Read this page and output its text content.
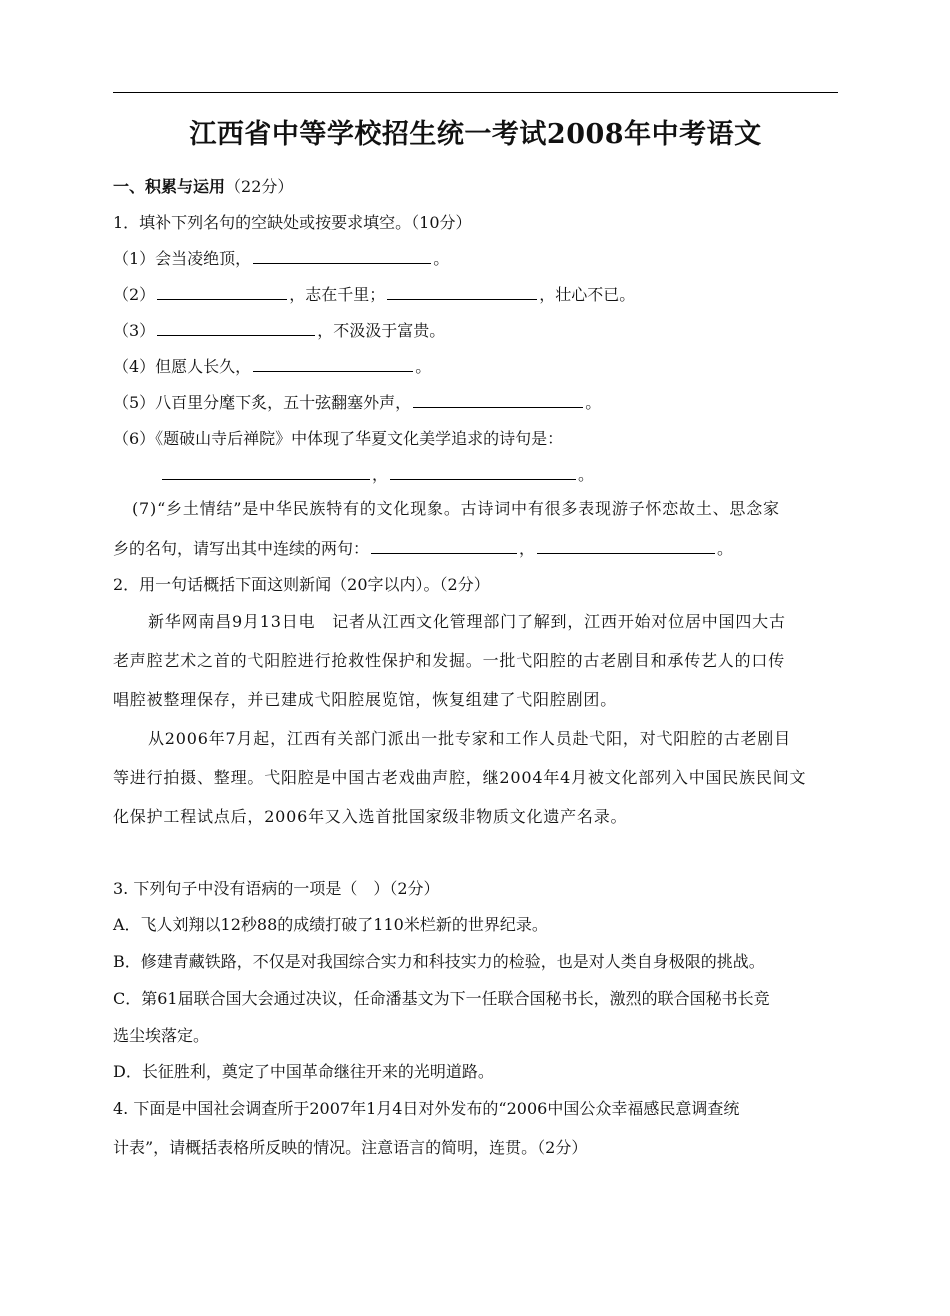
江西省中等学校招生统一考试2008年中考语文
一、积累与运用（22分）
1．填补下列名句的空缺处或按要求填空。（10分）
（1）会当凌绝顶，	。
（2）	，志在千里；	，壮心不已。
（3）	，不汲汲于富贵。
（4）但愿人长久，	。
（5）八百里分麾下炙，五十弦翻塞外声，	。
（6）《题破山寺后禅院》中体现了华夏文化美学追求的诗句是：
，	。
(7)“乡土情结”是中华民族特有的文化现象。古诗词中有很多表现游子怀恋故土、思念家
乡的名句，请写出其中连续的两句：	，	。
2．用一句话概括下面这则新闻（20字以内）。（2分）
新华网南昌9月13日电　记者从江西文化管理部门了解到，江西开始对位居中国四大古
老声腔艺术之首的弋阳腔进行抢救性保护和发掘。一批弋阳腔的古老剧目和承传艺人的口传
唱腔被整理保存，并已建成弋阳腔展览馆，恢复组建了弋阳腔剧团。
从2006年7月起，江西有关部门派出一批专家和工作人员赴弋阳，对弋阳腔的古老剧目
等进行拍摄、整理。弋阳腔是中国古老戏曲声腔，继2004年4月被文化部列入中国民族民间文
化保护工程试点后，2006年又入选首批国家级非物质文化遗产名录。
3. 下列句子中没有语病的一项是（　）（2分）
A．飞人刘翔以12秒88的成绩打破了110米栏新的世界纪录。
B．修建青藏铁路，不仅是对我国综合实力和科技实力的检验，也是对人类自身极限的挑战。
C．第61届联合国大会通过决议，任命潘基文为下一任联合国秘书长，激烈的联合国秘书长竞
选尘埃落定。
D．长征胜利，奠定了中国革命继往开来的光明道路。
4. 下面是中国社会调查所于2007年1月4日对外发布的“2006中国公众幸福感民意调查统
计表”，请概括表格所反映的情况。注意语言的简明，连贯。（2分）
